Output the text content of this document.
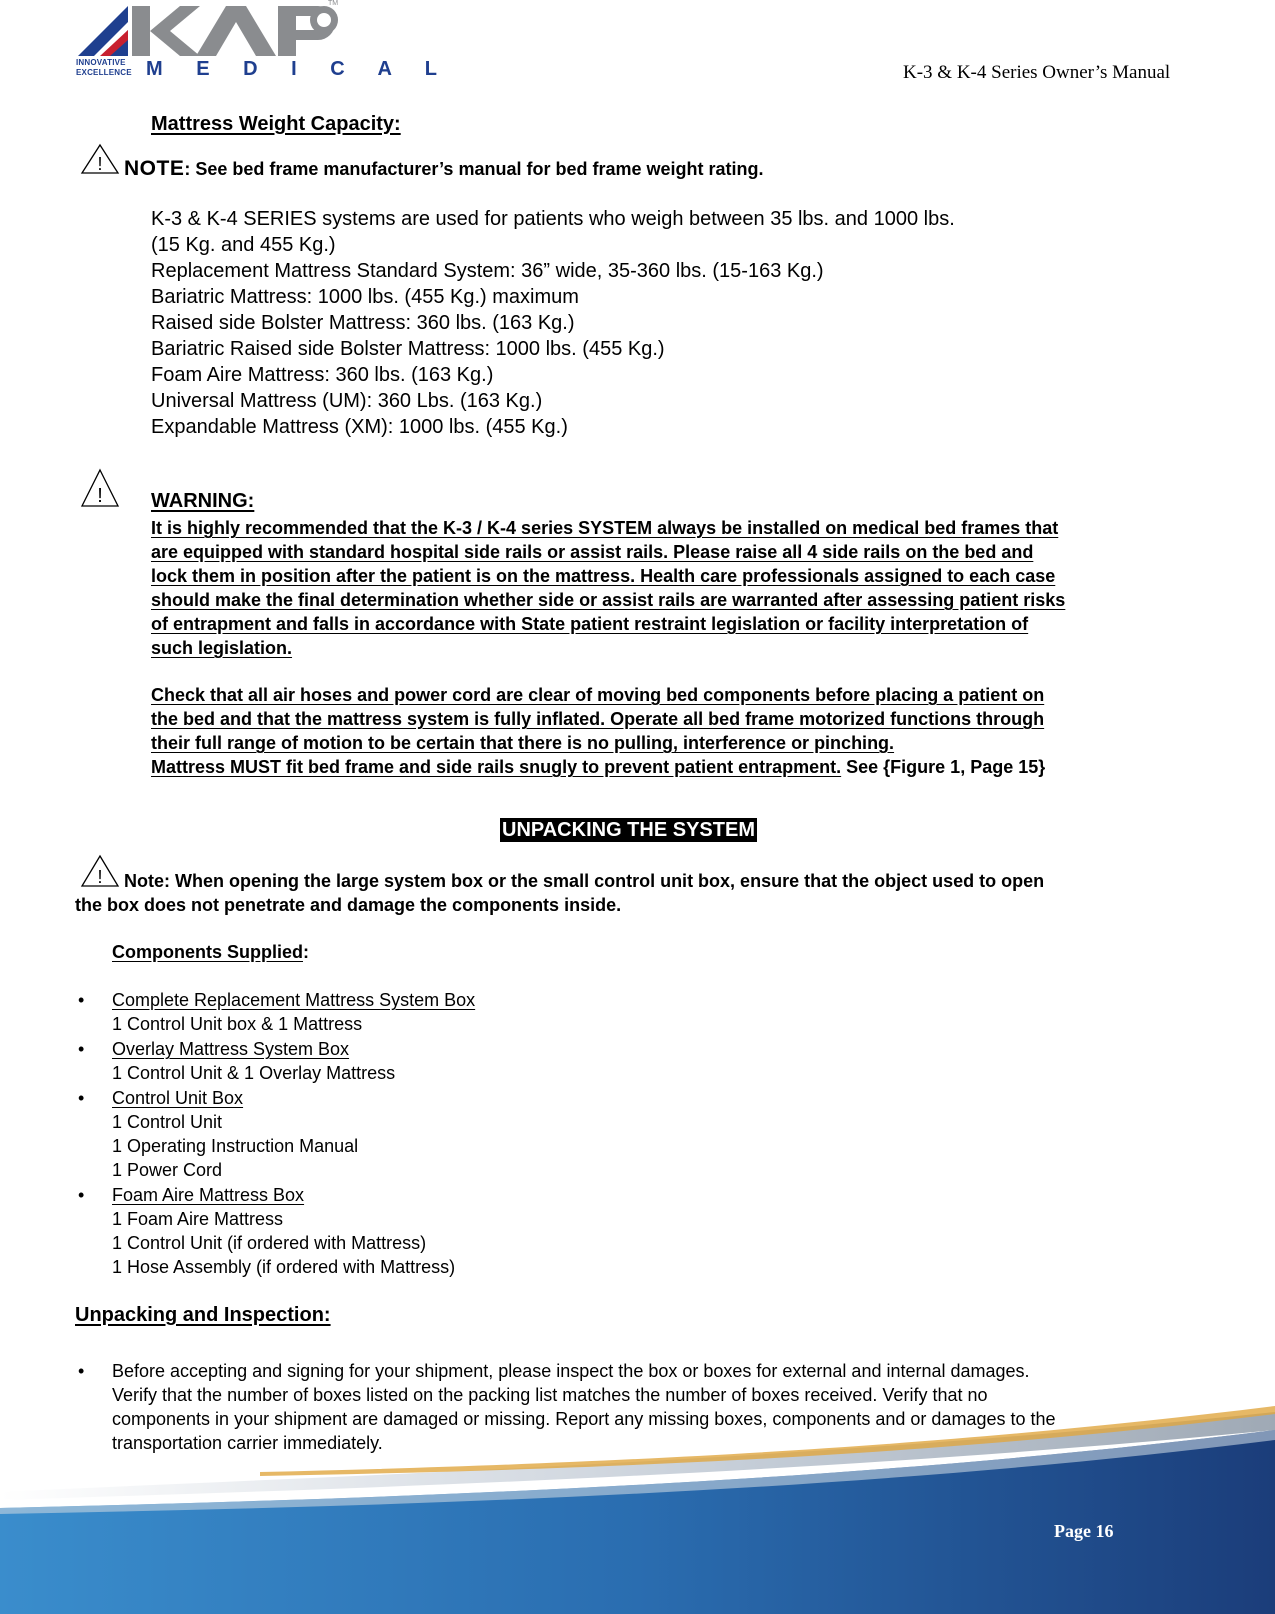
TM
INNOVATIVE
EXCELLENCE M E D I C A L	K-3 & K-4 Series Owner’s Manual
Mattress Weight Capacity:
! NOTE: See bed frame manufacturer’s manual for bed frame weight rating.
K-3 & K-4 SERIES systems are used for patients who weigh between 35 lbs. and 1000 lbs.
(15 Kg. and 455 Kg.)
Replacement Mattress Standard System: 36” wide, 35-360 lbs. (15-163 Kg.)
Bariatric Mattress: 1000 lbs. (455 Kg.) maximum
Raised side Bolster Mattress: 360 lbs. (163 Kg.)
Bariatric Raised side Bolster Mattress: 1000 lbs. (455 Kg.)
Foam Aire Mattress: 360 lbs. (163 Kg.)
Universal Mattress (UM): 360 Lbs. (163 Kg.)
Expandable Mattress (XM): 1000 lbs. (455 Kg.)
! WARNING:
It is highly recommended that the K-3 / K-4 series SYSTEM always be installed on medical bed frames that
are equipped with standard hospital side rails or assist rails. Please raise all 4 side rails on the bed and
lock them in position after the patient is on the mattress. Health care professionals assigned to each case
should make the final determination whether side or assist rails are warranted after assessing patient risks
of entrapment and falls in accordance with State patient restraint legislation or facility interpretation of
such legislation.
Check that all air hoses and power cord are clear of moving bed components before placing a patient on
the bed and that the mattress system is fully inflated. Operate all bed frame motorized functions through
their full range of motion to be certain that there is no pulling, interference or pinching.
Mattress MUST fit bed frame and side rails snugly to prevent patient entrapment. See {Figure 1, Page 15}
UNPACKING THE SYSTEM
! Note: When opening the large system box or the small control unit box, ensure that the object used to open
the box does not penetrate and damage the components inside.
Components Supplied:
• Complete Replacement Mattress System Box
1 Control Unit box & 1 Mattress
• Overlay Mattress System Box
1 Control Unit & 1 Overlay Mattress
• Control Unit Box
1 Control Unit
1 Operating Instruction Manual
1 Power Cord
• Foam Aire Mattress Box
1 Foam Aire Mattress
1 Control Unit (if ordered with Mattress)
1 Hose Assembly (if ordered with Mattress)
Unpacking and Inspection:
• Before accepting and signing for your shipment, please inspect the box or boxes for external and internal damages.
Verify that the number of boxes listed on the packing list matches the number of boxes received. Verify that no
components in your shipment are damaged or missing. Report any missing boxes, components and or damages to the
transportation carrier immediately.
Page 16
